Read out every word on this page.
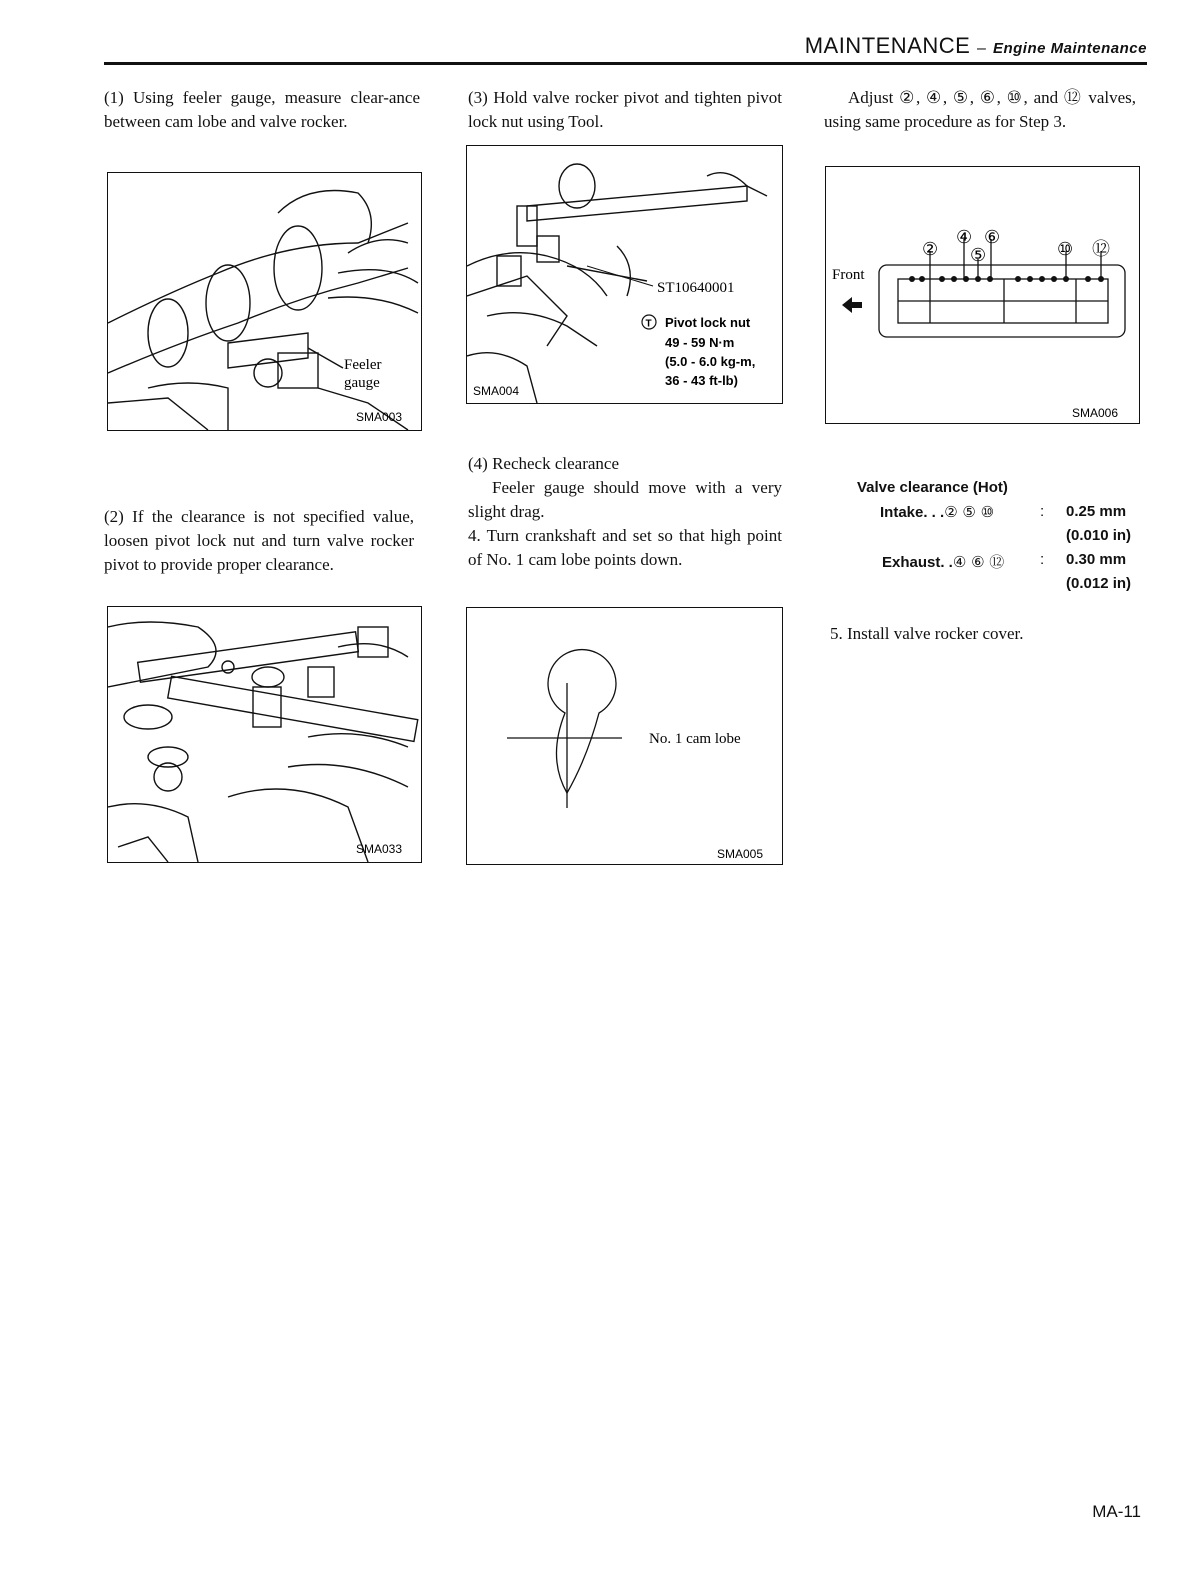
MAINTENANCE – Engine Maintenance

(1) Using feeler gauge, measure clear-ance between cam lobe and valve rocker.

Feeler
gauge
SMA003

(2) If the clearance is not specified value, loosen pivot lock nut and turn valve rocker pivot to provide proper clearance.

SMA033

(3) Hold valve rocker pivot and tighten pivot lock nut using Tool.

ST10640001
T Pivot lock nut
49 - 59 N·m
(5.0 - 6.0 kg-m,
36 - 43 ft-lb)
SMA004

(4) Recheck clearance

Feeler gauge should move with a very slight drag.

4. Turn crankshaft and set so that high point of No. 1 cam lobe points down.

No. 1 cam lobe
SMA005

Adjust ②, ④, ⑤, ⑥, ⑩, and ⑫ valves, using same procedure as for Step 3.

Front
②
④
⑤
⑥
⑩ ⑫
SMA006
Valve clearance (Hot)
Intake. . .② ⑤ ⑩	: 0.25 mm
(0.010 in)
Exhaust. .④ ⑥ ⑫ : 0.30 mm
(0.012 in)

5. Install valve rocker cover.

MA-11
